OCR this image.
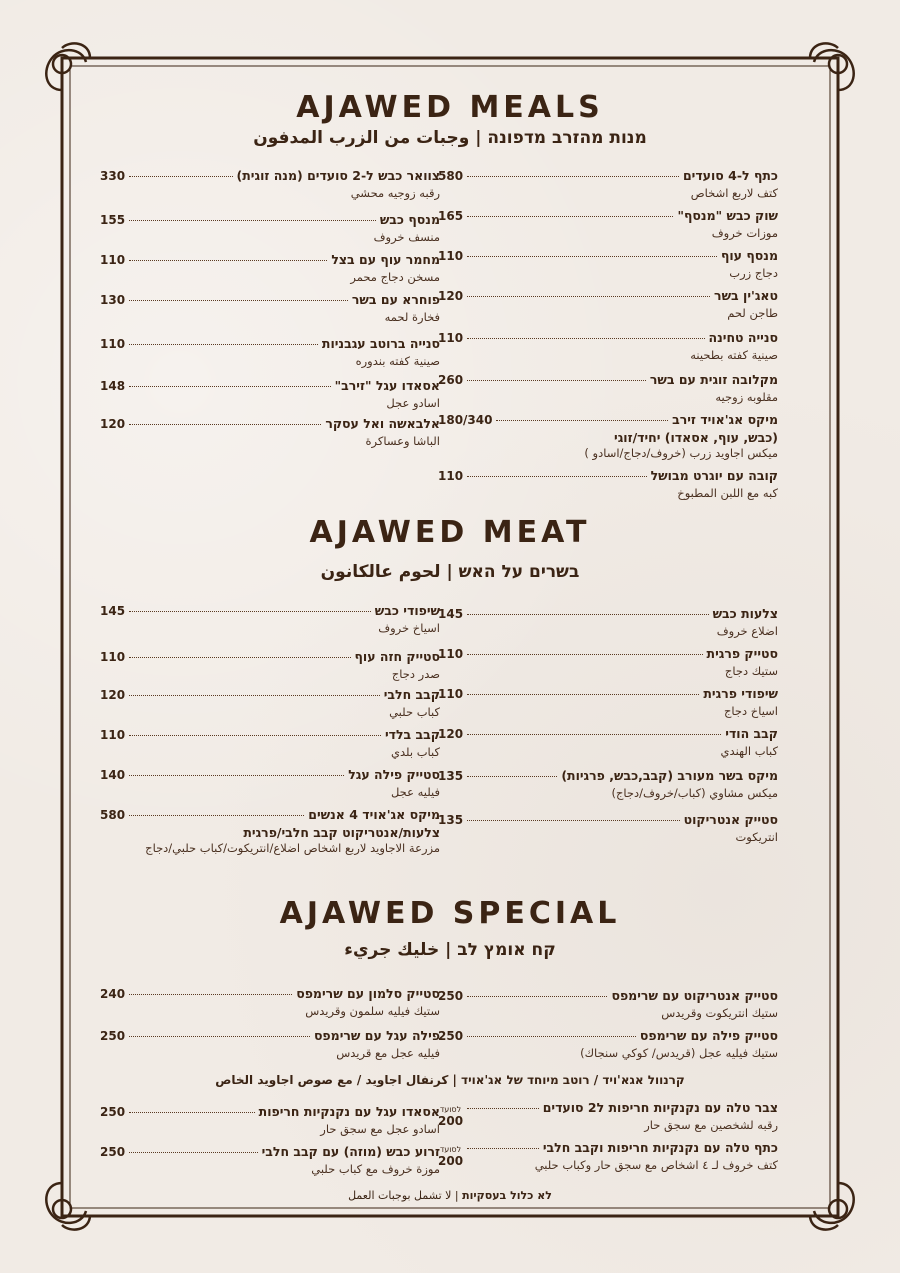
AJAWED MEALS
מנות מהזרב מדפונה | وجبات من الزرب المدفون
כתף ל-4 סועדים
580
كتف لاربع اشخاص
שוק כבש "מנסף"
165
موزات خروف
מנסף עוף
110
دجاج زرب
טאג'ין בשר
120
طاجن لحم
סנייה טחינה
110
صينية كفته بطحينه
מקלובה זוגית עם בשר
260
مقلوبه زوجيه
מיקס אג'אויד זירב
180/340
(כבש, עוף, אסאדו) יחיד/זוגי
ميكس اجاويد زرب (خروف/دجاج/اسادو )
קובה עם יוגרט מבושל
110
كبه مع اللبن المطبوخ
צוואר כבש ל-2 סועדים (מנה זוגית)
330
رقبه زوجيه محشي
מנסף כבש
155
منسف خروف
מחמר עוף עם בצל
110
مسخن دجاج محمر
פוחרא עם בשר
130
فخارة لحمه
סנייה ברוטב עגבניות
110
صينية كفته بندوره
אסאדו עגל "זירב"
148
اسادو عجل
אלבאשה ואל עסקר
120
الباشا وعساكرة
AJAWED MEAT
בשרים על האש | لحوم عالكانون
צלעות כבש
145
اضلاع خروف
סטייק פרגית
110
ستيك دجاج
שיפודי פרגית
110
اسياخ دجاج
קבב הודי
120
كباب الهندي
מיקס בשר מעורב (קבב,כבש, פרגיות)
135
ميكس مشاوي (كباب/خروف/دجاج)
סטייק אנטריקוט
135
انتريكوت
שיפודי כבש
145
اسياخ خروف
סטייק חזה עוף
110
صدر دجاج
קבב חלבי
120
كباب حلبي
קבב בלדי
110
كباب بلدي
סטייק פילה עגל
140
فيليه عجل
מיקס אג'אויד 4 אנשים
580
צלעות/אנטריקוט קבב חלבי/פרגית
مزرعة الاجاويد لاربع اشخاص اضلاع/انتريكوت/كباب حلبي/دجاج
AJAWED SPECIAL
קח אומץ לב | خليك جريء
סטייק אנטריקוט עם שרימפס
250
ستيك انتريكوت وقريدس
סטייק פילה עם שרימפס
250
ستيك فيليه عجل (قريدس/ كوكي سنجاك)
סטייק סלמון עם שרימפס
240
ستيك فيليه سلمون وقريدس
פילה עגל עם שרימפס
250
فيليه عجل مع قريدس
קרנוול אגא'ויד / רוטב מיוחד של אג'אויד | كرنفال اجاويد / مع صوص اجاويد الخاص
צבר טלה עם נקנקיות חריפות ל2 סועדים
לסועד
200	رقبه لشخصين مع سجق حار
כתף טלה עם נקנקיות חריפות וקבב חלבי
לסועד
200	كتف خروف لـ ٤ اشخاص مع سجق حار وكباب حلبي
אסאדו עגל עם נקנקיות חריפות
250
اسادو عجل مع سجق حار
זרוע כבש (מוזה) עם קבב חלבי
250
موزة خروف مع كباب حلبي
לא כלול בעסקיות | لا تشمل بوجبات العمل
